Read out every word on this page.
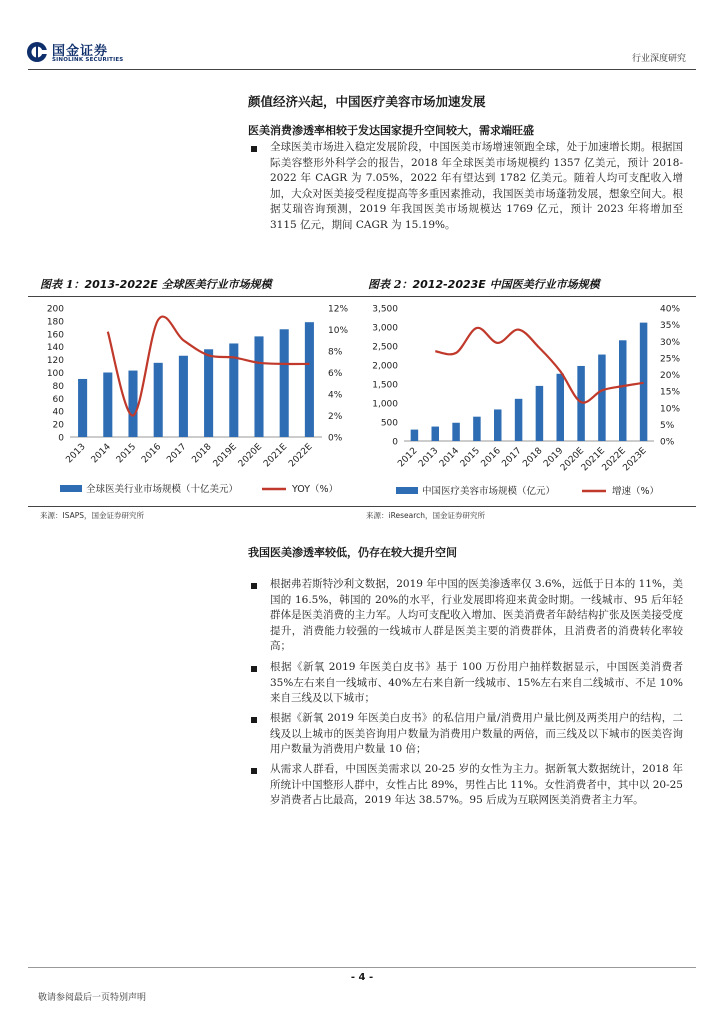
国金证券
SINOLINK SECURITIES	行业深度研究
颜值经济兴起，中国医疗美容市场加速发展
医美消费渗透率相较于发达国家提升空间较大，需求端旺盛
全球医美市场进入稳定发展阶段，中国医美市场增速领跑全球，处于加速增长期。根据国际美容整形外科学会的报告，2018 年全球医美市场规模约 1357 亿美元，预计 2018-2022 年 CAGR 为 7.05%，2022 年有望达到 1782 亿美元。随着人均可支配收入增加，大众对医美接受程度提高等多重因素推动，我国医美市场蓬勃发展，想象空间大。根据艾瑞咨询预测，2019 年我国医美市场规模达 1769 亿元，预计 2023 年将增加至 3115 亿元，期间 CAGR 为 15.19%。
图表 1：2013-2022E 全球医美行业市场规模	图表 2：2012-2023E 中国医美行业市场规模
0
20
40
60
80
100
120
140
160
180
200
0%
2%
4%
6%
8%
10%
12%
2013 2014 2015 2016 2017 2018
2019E
2020E
2021E
2022E
全球医美行业市场规模（十亿美元）	YOY（%）
0
500
1,000
1,500
2,000
2,500
3,000
3,500
0%
5%
10%
15%
20%
25%
30%
35%
40%
2012
2013
2014
2015
2016
2017
2018
2019
2020E
2021E
2022E
2023E
中国医疗美容市场规模（亿元）	增速（%）
来源：ISAPS，国金证券研究所	来源：iResearch，国金证券研究所
我国医美渗透率较低，仍存在较大提升空间
根据弗若斯特沙利文数据，2019 年中国的医美渗透率仅 3.6%，远低于日本的 11%，美国的 16.5%，韩国的 20%的水平，行业发展即将迎来黄金时期。一线城市、95 后年轻群体是医美消费的主力军。人均可支配收入增加、医美消费者年龄结构扩张及医美接受度提升，消费能力较强的一线城市人群是医美主要的消费群体，且消费者的消费转化率较高；
根据《新氧 2019 年医美白皮书》基于 100 万份用户抽样数据显示，中国医美消费者 35%左右来自一线城市、40%左右来自新一线城市、15%左右来自二线城市、不足 10%来自三线及以下城市；
根据《新氧 2019 年医美白皮书》的私信用户量/消费用户量比例及两类用户的结构，二线及以上城市的医美咨询用户数量为消费用户数量的两倍，而三线及以下城市的医美咨询用户数量为消费用户数量 10 倍；
从需求人群看，中国医美需求以 20-25 岁的女性为主力。据新氧大数据统计，2018 年所统计中国整形人群中，女性占比 89%，男性占比 11%。女性消费者中，其中以 20-25 岁消费者占比最高，2019 年达 38.57%。95 后成为互联网医美消费者主力军。
- 4 -
敬请参阅最后一页特别声明
